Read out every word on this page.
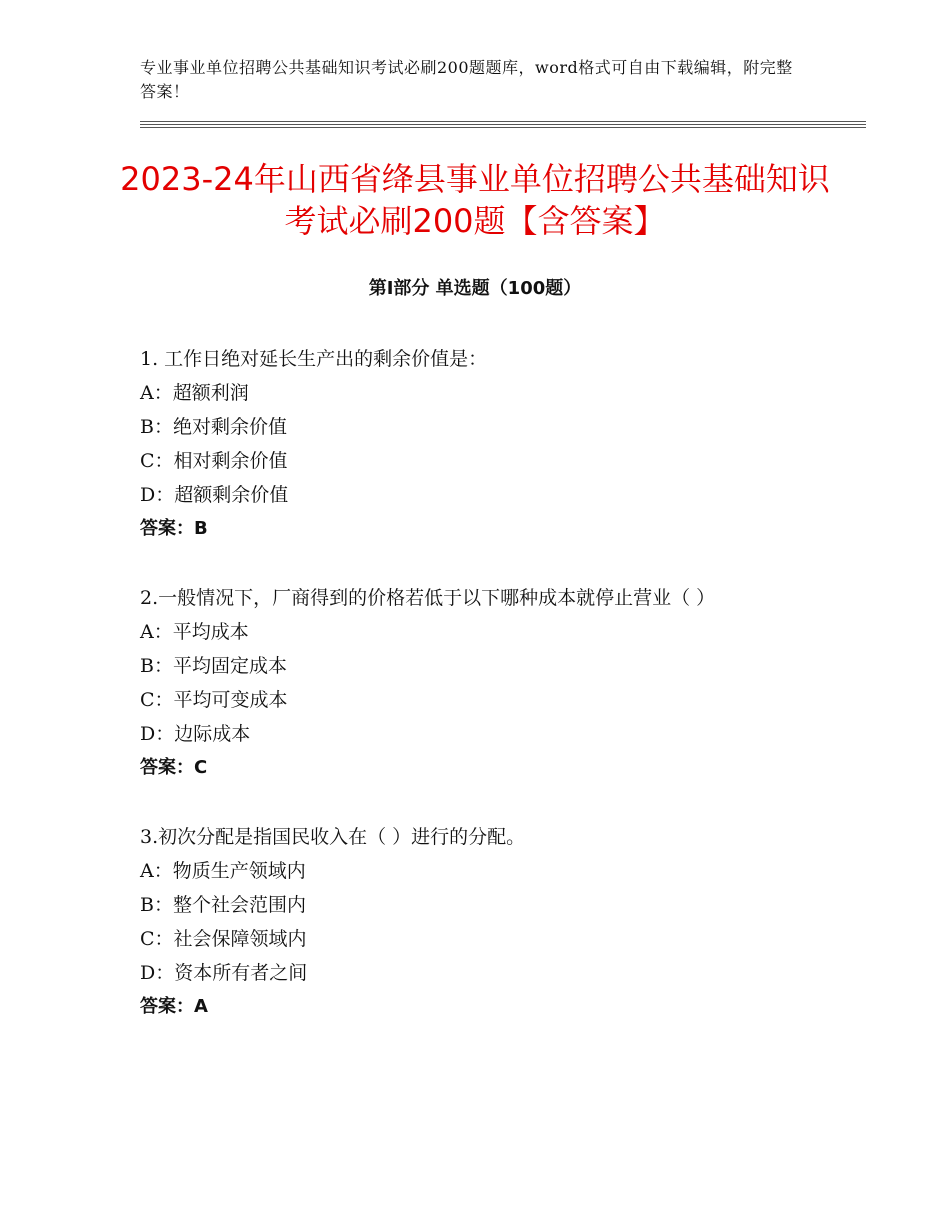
专业事业单位招聘公共基础知识考试必刷200题题库，word格式可自由下载编辑，附完整答案！
2023-24年山西省绛县事业单位招聘公共基础知识考试必刷200题【含答案】
第Ⅰ部分 单选题（100题）
1. 工作日绝对延长生产出的剩余价值是：
A：超额利润
B：绝对剩余价值
C：相对剩余价值
D：超额剩余价值
答案：B
2.一般情况下，厂商得到的价格若低于以下哪种成本就停止营业（ ）
A：平均成本
B：平均固定成本
C：平均可变成本
D：边际成本
答案：C
3.初次分配是指国民收入在（ ）进行的分配。
A：物质生产领域内
B：整个社会范围内
C：社会保障领域内
D：资本所有者之间
答案：A
